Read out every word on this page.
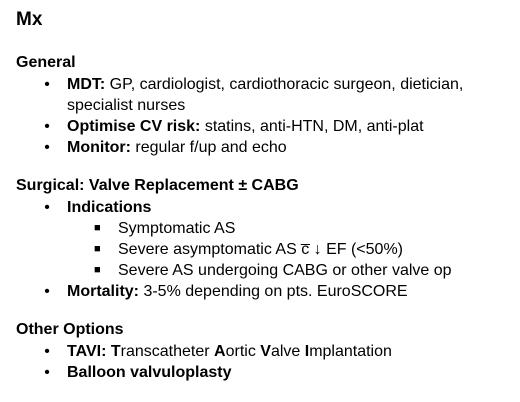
Mx
General
• MDT: GP, cardiologist, cardiothoracic surgeon, dietician, specialist nurses
• Optimise CV risk: statins, anti-HTN, DM, anti-plat
• Monitor: regular f/up and echo
Surgical: Valve Replacement ± CABG
• Indications
■ Symptomatic AS
■ Severe asymptomatic AS c̅ ↓ EF (<50%)
■ Severe AS undergoing CABG or other valve op
• Mortality: 3-5% depending on pts. EuroSCORE
Other Options
• TAVI: Transcatheter Aortic Valve Implantation
• Balloon valvuloplasty
